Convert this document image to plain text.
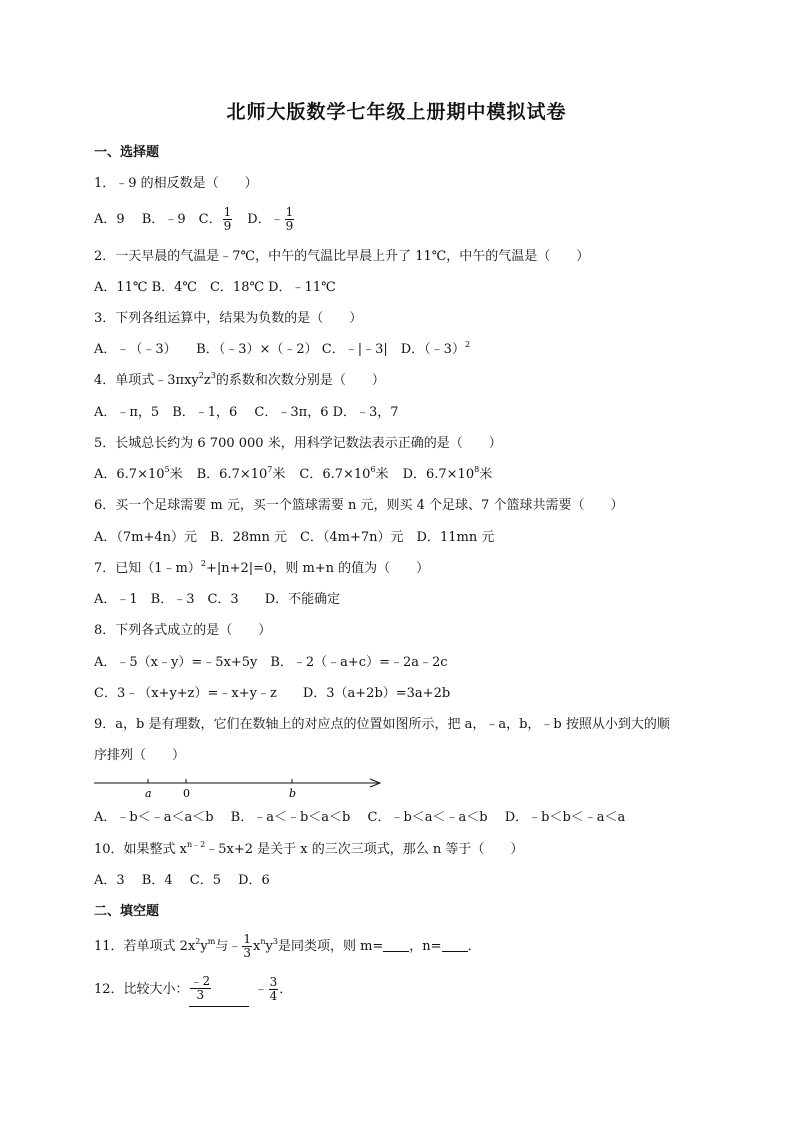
北师大版数学七年级上册期中模拟试卷
一、选择题
1．﹣9 的相反数是（　　）
A．9　 B．﹣9　C． $\frac{1}{9}$ D．﹣ $\frac{1}{9}$
2．一天早晨的气温是﹣7℃，中午的气温比早晨上升了 11℃，中午的气温是（　　）
A．11℃ B．4℃　C．18℃ D．﹣11℃
3．下列各组运算中，结果为负数的是（　　）
A．﹣（﹣3）　　B．（﹣3）×（﹣2） C．﹣|﹣3|　D．（﹣3）$^2$
4．单项式$﹣3\pi xy^2z^3$的系数和次数分别是（　　）
A．﹣π，5　B．﹣1，6　 C．﹣3π，6 D．﹣3，7
5．长城总长约为 6 700 000 米，用科学记数法表示正确的是（　　）
A．$6.7\times 10^5$米 B．$6.7\times 10^7$米 C．$6.7\times 10^6$米 D．$6.7\times 10^8$米
6．买一个足球需要 m 元，买一个篮球需要 n 元，则买 4 个足球、7 个篮球共需要（　　）
A．（7m+4n）元　B．28mn 元　C．（4m+7n）元　D．11mn 元
7．已知（1﹣m）$^2$+|n+2|=0，则 m+n 的值为（　　）
A．﹣1　B．﹣3　C．3　　D．不能确定
8．下列各式成立的是（　　）
A．﹣5（x﹣y）=﹣5x+5y　B．﹣2（﹣a+c）=﹣2a﹣2c
C．3﹣（x+y+z）=﹣x+y﹣z　　D．3（a+2b）=3a+2b
9．a，b 是有理数，它们在数轴上的对应点的位置如图所示，把 a，﹣a，b，﹣b 按照从小到大的顺
序排列（　　）
a	0	b
A．﹣b＜﹣a＜a＜b　 B．﹣a＜﹣b＜a＜b　 C．﹣b＜a＜﹣a＜b　 D．﹣b＜b＜﹣a＜a
10．如果整式 $x^{n﹣2}﹣5x+2$ 是关于 x 的三次三项式，那么 n 等于（　　）
A．3　 B．4　 C．5　 D．6
二、填空题
11．若单项式 $2x^2y^m$与﹣ $\frac{1}{3} x^ny^3$是同类项，则 m= ，n= ．
12．比较大小： $\frac{﹣2}{3}$	﹣ $\frac{3}{4}$ ．
